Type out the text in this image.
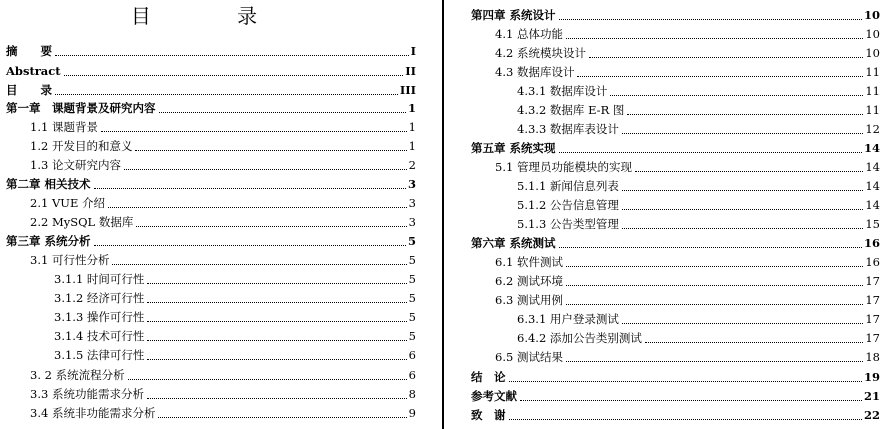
目 录
摘　　要	I
Abstract	II
目　　录	III
第一章　课题背景及研究内容	1
1.1 课题背景	1
1.2 开发目的和意义	1
1.3 论文研究内容	2
第二章 相关技术	3
2.1 VUE 介绍	3
2.2 MySQL 数据库	3
第三章 系统分析	5
3.1 可行性分析	5
3.1.1 时间可行性	5
3.1.2 经济可行性	5
3.1.3 操作可行性	5
3.1.4 技术可行性	5
3.1.5 法律可行性	6
3. 2 系统流程分析	6
3.3 系统功能需求分析	8
3.4 系统非功能需求分析	9
第四章 系统设计	10
4.1 总体功能	10
4.2 系统模块设计	10
4.3 数据库设计	11
4.3.1 数据库设计	11
4.3.2 数据库 E-R 图	11
4.3.3 数据库表设计	12
第五章 系统实现	14
5.1 管理员功能模块的实现	14
5.1.1 新闻信息列表	14
5.1.2 公告信息管理	14
5.1.3 公告类型管理	15
第六章 系统测试	16
6.1 软件测试	16
6.2 测试环境	17
6.3 测试用例	17
6.3.1 用户登录测试	17
6.4.2 添加公告类别测试	17
6.5 测试结果	18
结　论	19
参考文献	21
致　谢	22
